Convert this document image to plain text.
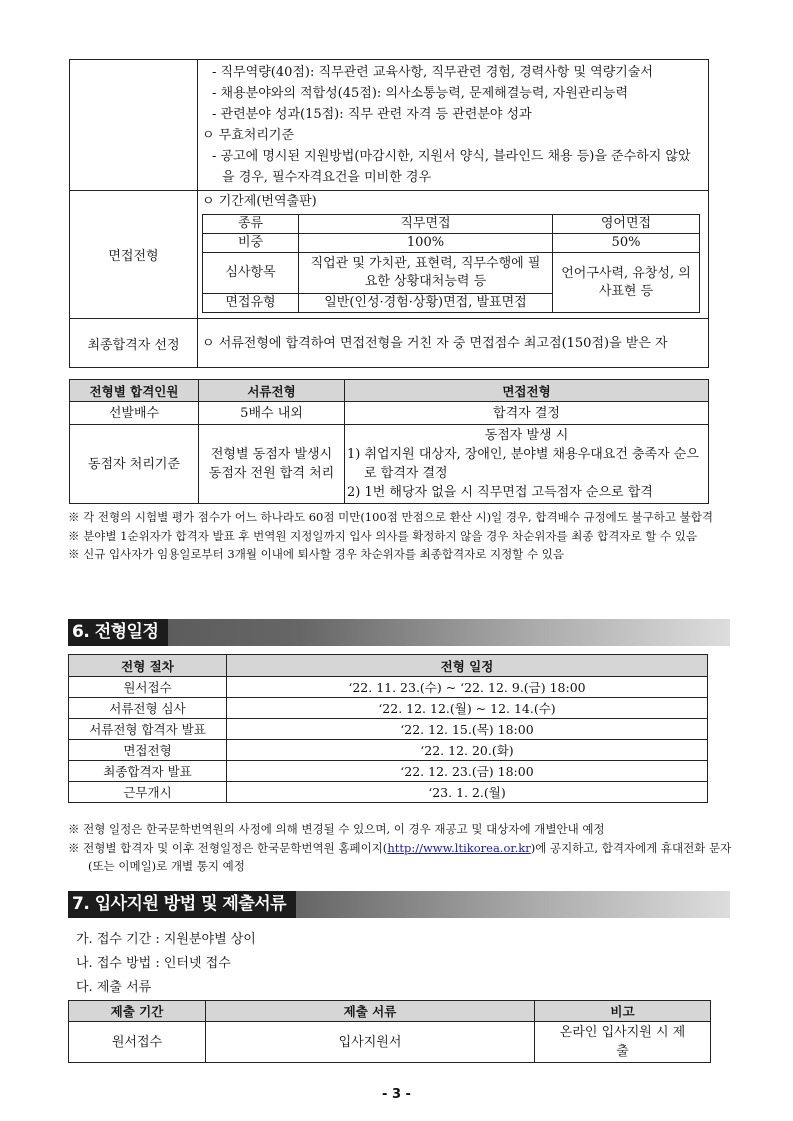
- 직무역량(40점): 직무관련 교육사항, 직무관련 경험, 경력사항 및 역량기술서
- 채용분야와의 적합성(45점): 의사소통능력, 문제해결능력, 자원관리능력
- 관련분야 성과(15점): 직무 관련 자격 등 관련분야 성과
ㅇ 무효처리기준
- 공고에 명시된 지원방법(마감시한, 지원서 양식, 블라인드 채용 등)을 준수하지 않았을 경우, 필수자격요건을 미비한 경우

면접전형	
ㅇ 기간제(번역출판)
종류	직무면접	영어면접
비중	100%	50%
심사항목	직업관 및 가치관, 표현력, 직무수행에 필요한 상황대처능력 등	언어구사력, 유창성, 의사표현 등
면접유형	일반(인성·경험·상황)면접, 발표면접

최종합격자 선정	ㅇ 서류전형에 합격하여 면접전형을 거친 자 중 면접점수 최고점(150점)을 받은 자
전형별 합격인원	서류전형	면접전형
선발배수	5배수 내외	합격자 결정
동점자 처리기준	전형별 동점자 발생시 동점자 전원 합격 처리	동점자 발생 시
1) 취업지원 대상자, 장애인, 분야별 채용우대요건 충족자 순으로 합격자 결정
2) 1번 해당자 없을 시 직무면접 고득점자 순으로 합격
※ 각 전형의 시험별 평가 점수가 어느 하나라도 60점 미만(100점 만점으로 환산 시)일 경우, 합격배수 규정에도 불구하고 불합격
※ 분야별 1순위자가 합격자 발표 후 번역원 지정일까지 입사 의사를 확정하지 않을 경우 차순위자를 최종 합격자로 할 수 있음
※ 신규 입사자가 임용일로부터 3개월 이내에 퇴사할 경우 차순위자를 최종합격자로 지정할 수 있음
6. 전형일정
전형 절차	전형 일정
원서접수	‘22. 11. 23.(수) ~ ‘22. 12. 9.(금) 18:00
서류전형 심사	‘22. 12. 12.(월) ~ 12. 14.(수)
서류전형 합격자 발표	‘22. 12. 15.(목) 18:00
면접전형	‘22. 12. 20.(화)
최종합격자 발표	‘22. 12. 23.(금) 18:00
근무개시	‘23. 1. 2.(월)
※ 전형 일정은 한국문학번역원의 사정에 의해 변경될 수 있으며, 이 경우 재공고 및 대상자에 개별안내 예정
※ 전형별 합격자 및 이후 전형일정은 한국문학번역원 홈페이지(http://www.ltikorea.or.kr)에 공지하고, 합격자에게 휴대전화 문자(또는 이메일)로 개별 통지 예정
7. 입사지원 방법 및 제출서류
가. 접수 기간 : 지원분야별 상이
나. 접수 방법 : 인터넷 접수
다. 제출 서류
제출 기간	제출 서류	비고
원서접수	입사지원서	온라인 입사지원 시 제출
- 3 -
